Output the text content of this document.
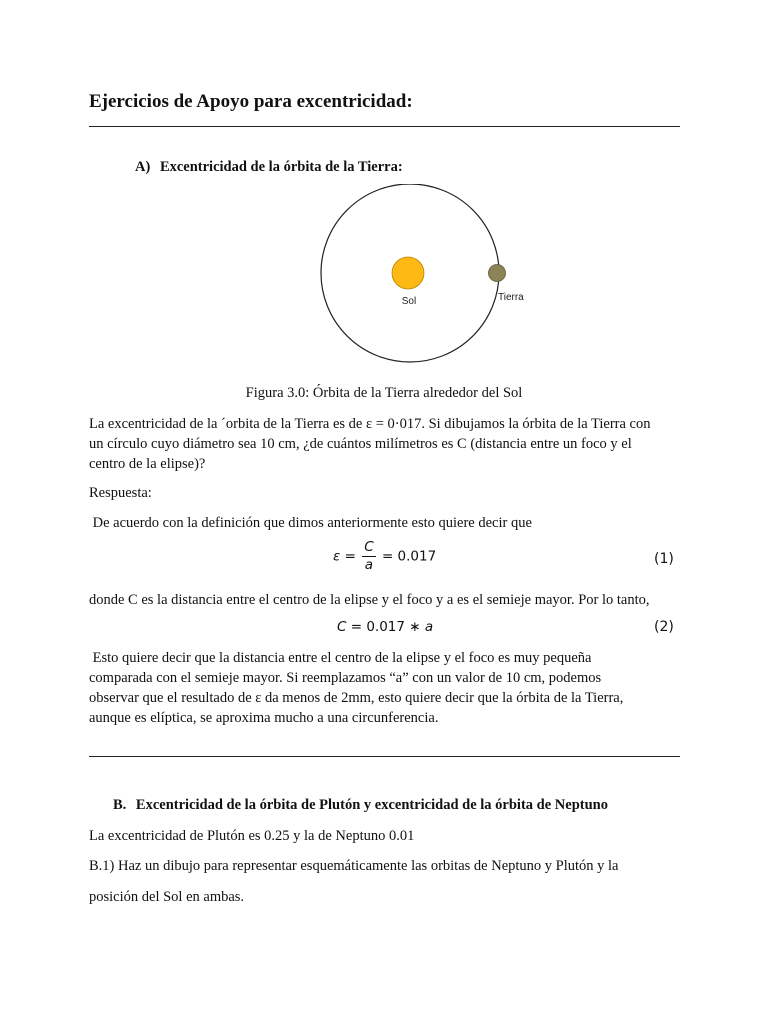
Ejercicios de Apoyo para excentricidad:
A) Excentricidad de la órbita de la Tierra:
Sol	Tierra
Figura 3.0: Órbita de la Tierra alrededor del Sol
La excentricidad de la ´orbita de la Tierra es de ε = 0·017. Si dibujamos la órbita de la Tierra con
un círculo cuyo diámetro sea 10 cm, ¿de cuántos milímetros es C (distancia entre un foco y el
centro de la elipse)?
Respuesta:
De acuerdo con la definición que dimos anteriormente esto quiere decir que
$\varepsilon = \frac{C}{a} = 0.017$	(1)
donde C es la distancia entre el centro de la elipse y el foco y a es el semieje mayor. Por lo tanto,
C = 0.017 ∗ a	(2)
Esto quiere decir que la distancia entre el centro de la elipse y el foco es muy pequeña
comparada con el semieje mayor. Si reemplazamos “a” con un valor de 10 cm, podemos
observar que el resultado de ε da menos de 2mm, esto quiere decir que la órbita de la Tierra,
aunque es elíptica, se aproxima mucho a una circunferencia.
B. Excentricidad de la órbita de Plutón y excentricidad de la órbita de Neptuno
La excentricidad de Plutón es 0.25 y la de Neptuno 0.01
B.1) Haz un dibujo para representar esquemáticamente las orbitas de Neptuno y Plutón y la
posición del Sol en ambas.
